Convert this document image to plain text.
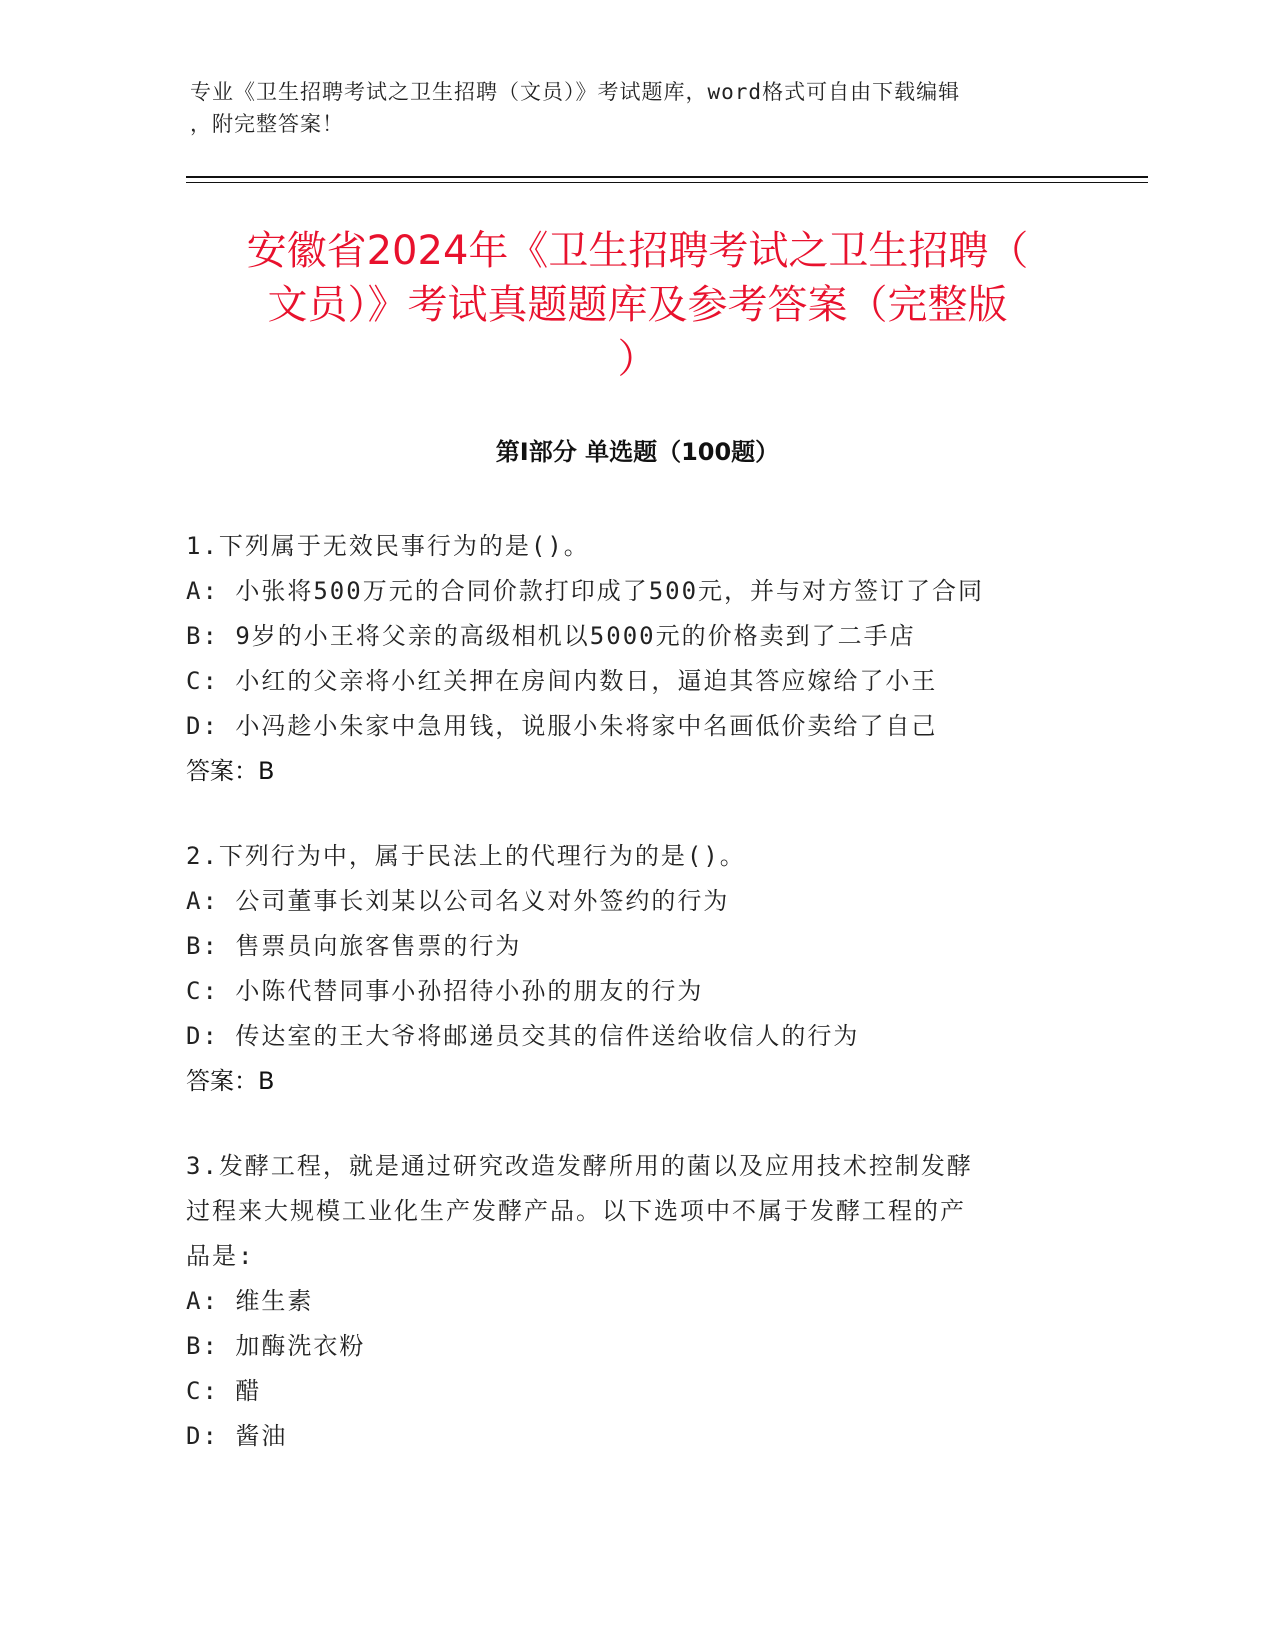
专业《卫生招聘考试之卫生招聘（文员）》考试题库，word格式可自由下载编辑
，附完整答案！
安徽省2024年《卫生招聘考试之卫生招聘（
文员）》考试真题题库及参考答案（完整版
）
第I部分 单选题（100题）

1.下列属于无效民事行为的是()。

A: 小张将500万元的合同价款打印成了500元，并与对方签订了合同

B: 9岁的小王将父亲的高级相机以5000元的价格卖到了二手店

C: 小红的父亲将小红关押在房间内数日，逼迫其答应嫁给了小王

D: 小冯趁小朱家中急用钱，说服小朱将家中名画低价卖给了自己

答案：B

2.下列行为中，属于民法上的代理行为的是()。

A: 公司董事长刘某以公司名义对外签约的行为

B: 售票员向旅客售票的行为

C: 小陈代替同事小孙招待小孙的朋友的行为

D: 传达室的王大爷将邮递员交其的信件送给收信人的行为

答案：B

3.发酵工程，就是通过研究改造发酵所用的菌以及应用技术控制发酵

过程来大规模工业化生产发酵产品。以下选项中不属于发酵工程的产

品是:

A: 维生素

B: 加酶洗衣粉

C: 醋

D: 酱油
